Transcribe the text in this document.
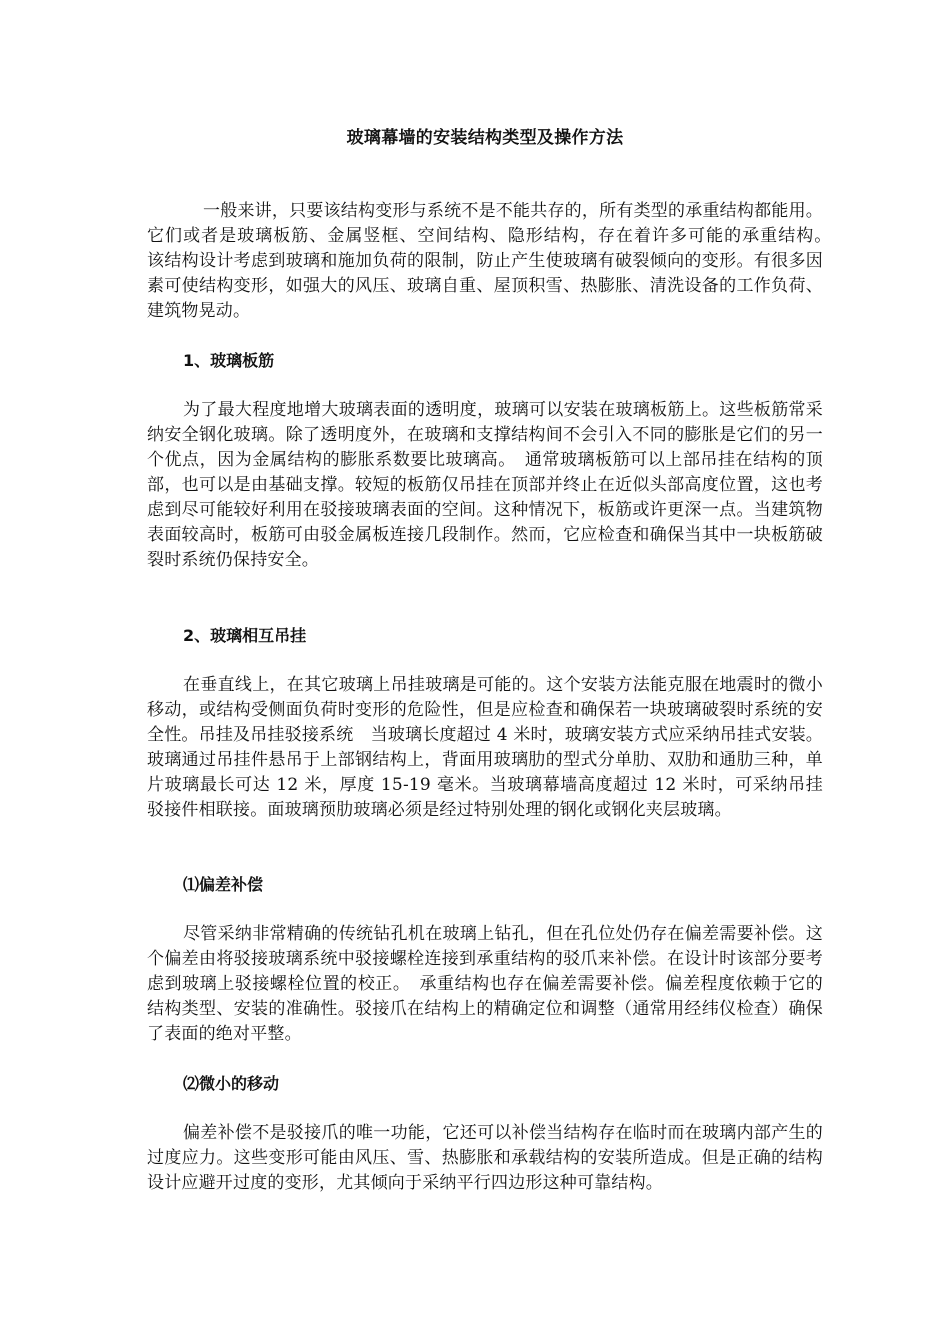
玻璃幕墙的安装结构类型及操作方法

一般来讲，只要该结构变形与系统不是不能共存的，所有类型的承重结构都能用。它们或者是玻璃板筋、金属竖框、空间结构、隐形结构，存在着许多可能的承重结构。　该结构设计考虑到玻璃和施加负荷的限制，防止产生使玻璃有破裂倾向的变形。有很多因素可使结构变形，如强大的风压、玻璃自重、屋顶积雪、热膨胀、清洗设备的工作负荷、建筑物晃动。

1、玻璃板筋

为了最大程度地增大玻璃表面的透明度，玻璃可以安装在玻璃板筋上。这些板筋常采纳安全钢化玻璃。除了透明度外，在玻璃和支撑结构间不会引入不同的膨胀是它们的另一个优点，因为金属结构的膨胀系数要比玻璃高。　通常玻璃板筋可以上部吊挂在结构的顶部，也可以是由基础支撑。较短的板筋仅吊挂在顶部并终止在近似头部高度位置，这也考虑到尽可能较好利用在驳接玻璃表面的空间。这种情况下，板筋或许更深一点。当建筑物表面较高时，板筋可由驳金属板连接几段制作。然而，它应检查和确保当其中一块板筋破裂时系统仍保持安全。

2、玻璃相互吊挂

在垂直线上，在其它玻璃上吊挂玻璃是可能的。这个安装方法能克服在地震时的微小移动，或结构受侧面负荷时变形的危险性，但是应检查和确保若一块玻璃破裂时系统的安全性。吊挂及吊挂驳接系统　当玻璃长度超过 4 米时，玻璃安装方式应采纳吊挂式安装。玻璃通过吊挂件悬吊于上部钢结构上，背面用玻璃肋的型式分单肋、双肋和通肋三种，单片玻璃最长可达 12 米，厚度 15-19 毫米。当玻璃幕墙高度超过 12 米时，可采纳吊挂驳接件相联接。面玻璃预肋玻璃必须是经过特别处理的钢化或钢化夹层玻璃。

⑴偏差补偿

尽管采纳非常精确的传统钻孔机在玻璃上钻孔，但在孔位处仍存在偏差需要补偿。这个偏差由将驳接玻璃系统中驳接螺栓连接到承重结构的驳爪来补偿。在设计时该部分要考虑到玻璃上驳接螺栓位置的校正。　承重结构也存在偏差需要补偿。偏差程度依赖于它的结构类型、安装的准确性。驳接爪在结构上的精确定位和调整（通常用经纬仪检查）确保了表面的绝对平整。

⑵微小的移动

偏差补偿不是驳接爪的唯一功能，它还可以补偿当结构存在临时而在玻璃内部产生的过度应力。这些变形可能由风压、雪、热膨胀和承载结构的安装所造成。但是正确的结构设计应避开过度的变形，尤其倾向于采纳平行四边形这种可靠结构。
